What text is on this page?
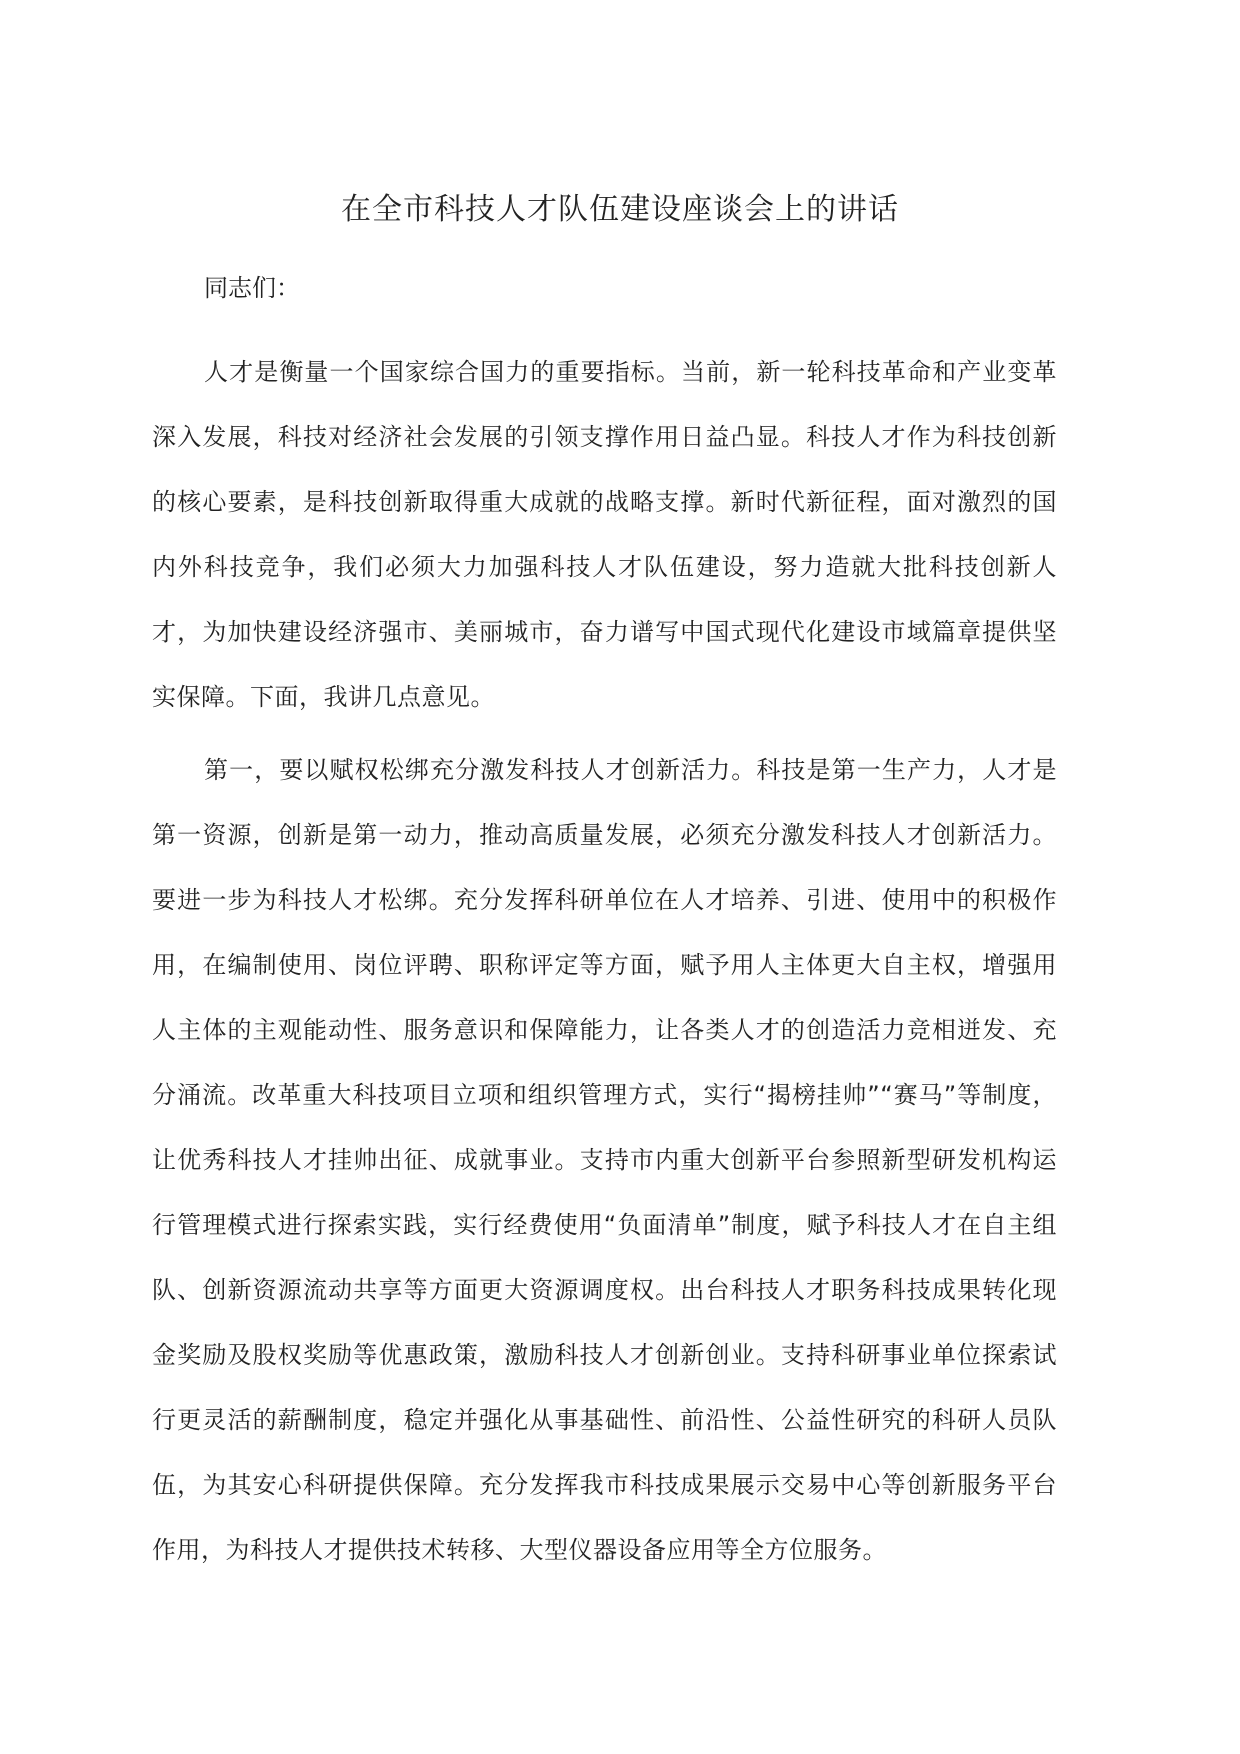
在全市科技人才队伍建设座谈会上的讲话

同志们：

人才是衡量一个国家综合国力的重要指标。当前，新一轮科技革命和产业变革深入发展，科技对经济社会发展的引领支撑作用日益凸显。科技人才作为科技创新的核心要素，是科技创新取得重大成就的战略支撑。新时代新征程，面对激烈的国内外科技竞争，我们必须大力加强科技人才队伍建设，努力造就大批科技创新人才，为加快建设经济强市、美丽城市，奋力谱写中国式现代化建设市域篇章提供坚实保障。下面，我讲几点意见。

第一，要以赋权松绑充分激发科技人才创新活力。科技是第一生产力，人才是第一资源，创新是第一动力，推动高质量发展，必须充分激发科技人才创新活力。要进一步为科技人才松绑。充分发挥科研单位在人才培养、引进、使用中的积极作用，在编制使用、岗位评聘、职称评定等方面，赋予用人主体更大自主权，增强用人主体的主观能动性、服务意识和保障能力，让各类人才的创造活力竞相迸发、充分涌流。改革重大科技项目立项和组织管理方式，实行“揭榜挂帅”“赛马”等制度，让优秀科技人才挂帅出征、成就事业。支持市内重大创新平台参照新型研发机构运行管理模式进行探索实践，实行经费使用“负面清单”制度，赋予科技人才在自主组队、创新资源流动共享等方面更大资源调度权。出台科技人才职务科技成果转化现金奖励及股权奖励等优惠政策，激励科技人才创新创业。支持科研事业单位探索试行更灵活的薪酬制度，稳定并强化从事基础性、前沿性、公益性研究的科研人员队伍，为其安心科研提供保障。充分发挥我市科技成果展示交易中心等创新服务平台作用，为科技人才提供技术转移、大型仪器设备应用等全方位服务。
